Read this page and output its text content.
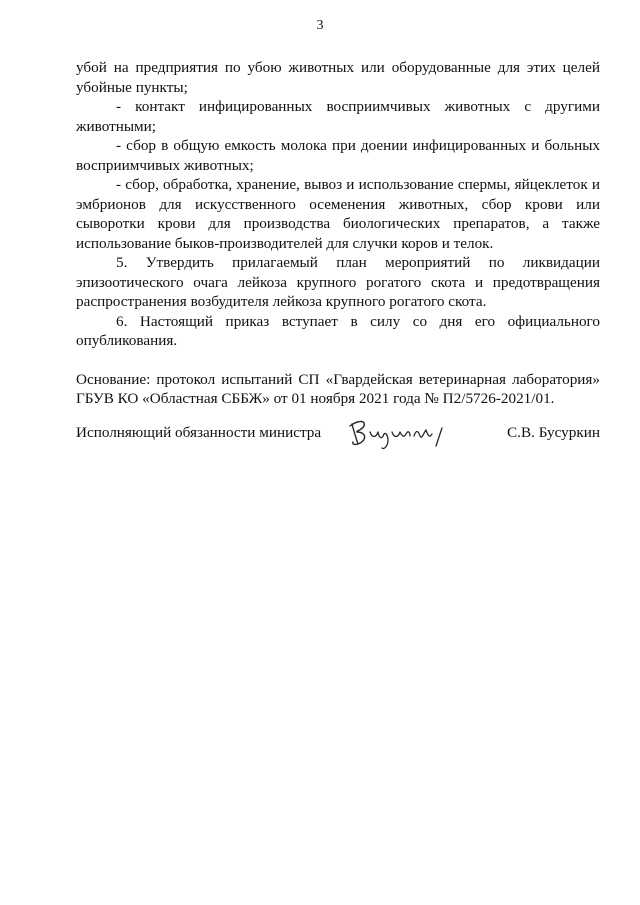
3

убой на предприятия по убою животных или оборудованные для этих целей убойные пункты;

- контакт инфицированных восприимчивых животных с другими животными;

- сбор в общую емкость молока при доении инфицированных и больных восприимчивых животных;

- сбор, обработка, хранение, вывоз и использование спермы, яйцеклеток и эмбрионов для искусственного осеменения животных, сбор крови или сыворотки крови для производства биологических препаратов, а также использование быков-производителей для случки коров и телок.

5. Утвердить прилагаемый план мероприятий по ликвидации эпизоотического очага лейкоза крупного рогатого скота и предотвращения распространения возбудителя лейкоза крупного рогатого скота.

6. Настоящий приказ вступает в силу со дня его официального опубликования.

Основание: протокол испытаний СП «Гвардейская ветеринарная лаборатория» ГБУВ КО «Областная СББЖ» от 01 ноября 2021 года № П2/5726-2021/01.

Исполняющий обязанности министра	С.В. Бусуркин
